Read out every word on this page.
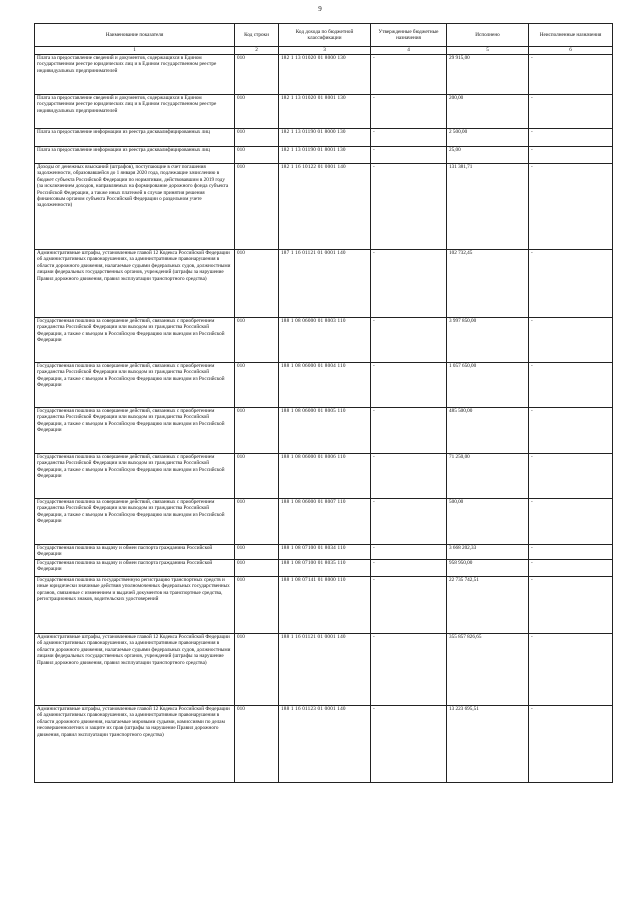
9
Наименование показателя	Код строки	Код дохода по бюджетной классификации	Утвержденные бюджетные назначения	Исполнено	Неисполненные назначения
1	2	3	4	5	6
Плата за предоставление сведений и документов, содержащихся в Едином государственном реестре юридических лиц и в Едином государственном реестре индивидуальных предпринимателей	010	182 1 13 01020 01 8000 130	-	29 915,00	-
Плата за предоставление сведений и документов, содержащихся в Едином государственном реестре юридических лиц и в Едином государственном реестре индивидуальных предпринимателей	010	182 1 13 01020 01 8001 130	-	200,00	-
Плата за предоставление информации из реестра дисквалифицированных лиц	010	182 1 13 01190 01 8000 130	-	2 500,00	-
Плата за предоставление информации из реестра дисквалифицированных лиц	010	182 1 13 01190 01 8001 130	-	25,00	-
Доходы от денежных взысканий (штрафов), поступающие в счет погашения задолженности, образовавшейся до 1 января 2020 года, подлежащие зачислению в бюджет субъекта Российской Федерации по нормативам, действовавшим в 2019 году (за исключением доходов, направляемых на формирование дорожного фонда субъекта Российской Федерации, а также иных платежей в случае принятия решения финансовым органом субъекта Российской Федерации о раздельном учете задолженности)	010	182 1 16 10122 01 0001 140	-	131 381,71	-
Административные штрафы, установленные главой 12 Кодекса Российской Федерации об административных правонарушениях, за административные правонарушения в области дорожного движения, налагаемые судьями федеральных судов, должностными лицами федеральных государственных органов, учреждений (штрафы за нарушение Правил дорожного движения, правил эксплуатации транспортного средства)	010	187 1 16 01121 01 0001 140	-	102 732,45	-
Государственная пошлина за совершение действий, связанных с приобретением гражданства Российской Федерации или выходом из гражданства Российской Федерации, а также с въездом в Российскую Федерацию или выездом из Российской Федерации	010	188 1 08 06000 01 8003 110	-	3 997 850,00	-
Государственная пошлина за совершение действий, связанных с приобретением гражданства Российской Федерации или выходом из гражданства Российской Федерации, а также с въездом в Российскую Федерацию или выездом из Российской Федерации	010	188 1 08 06000 01 8004 110	-	1 057 650,00	-
Государственная пошлина за совершение действий, связанных с приобретением гражданства Российской Федерации или выходом из гражданства Российской Федерации, а также с въездом в Российскую Федерацию или выездом из Российской Федерации	010	188 1 08 06000 01 8005 110	-	485 500,00	-
Государственная пошлина за совершение действий, связанных с приобретением гражданства Российской Федерации или выходом из гражданства Российской Федерации, а также с въездом в Российскую Федерацию или выездом из Российской Федерации	010	188 1 08 06000 01 8006 110	-	71 250,00	-
Государственная пошлина за совершение действий, связанных с приобретением гражданства Российской Федерации или выходом из гражданства Российской Федерации, а также с въездом в Российскую Федерацию или выездом из Российской Федерации	010	188 1 08 06000 01 8007 110	-	500,00	-
Государственная пошлина за выдачу и обмен паспорта гражданина Российской Федерации	010	188 1 08 07100 01 8034 110	-	3 668 202,33	-
Государственная пошлина за выдачу и обмен паспорта гражданина Российской Федерации	010	188 1 08 07100 01 8035 110	-	958 950,00	-
Государственная пошлина за государственную регистрацию транспортных средств и иные юридически значимые действия уполномоченных федеральных государственных органов, связанные с изменением и выдачей документов на транспортные средства, регистрационных знаков, водительских удостоверений	010	188 1 08 07141 01 8000 110	-	22 735 742,51	-
Административные штрафы, установленные главой 12 Кодекса Российской Федерации об административных правонарушениях, за административные правонарушения в области дорожного движения, налагаемые судьями федеральных судов, должностными лицами федеральных государственных органов, учреждений (штрафы за нарушение Правил дорожного движения, правил эксплуатации транспортного средства)	010	188 1 16 01121 01 0001 140	-	355 857 826,65	-
Административные штрафы, установленные главой 12 Кодекса Российской Федерации об административных правонарушениях, за административные правонарушения в области дорожного движения, налагаемые мировыми судьями, комиссиями по делам несовершеннолетних и защите их прав (штрафы за нарушение Правил дорожного движения, правил эксплуатации транспортного средства)	010	188 1 16 01123 01 0001 140	-	13 223 695,51	-
